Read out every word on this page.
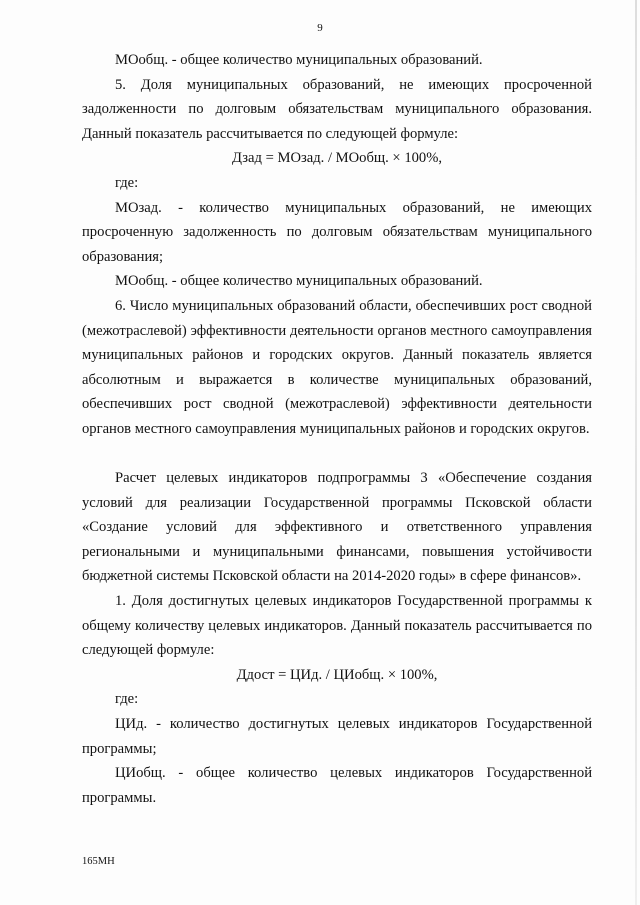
9

МОобщ. - общее количество муниципальных образований.

5. Доля муниципальных образований, не имеющих просроченной задолженности по долговым обязательствам муниципального образования. Данный показатель рассчитывается по следующей формуле:

Дзад = МОзад. / МОобщ. × 100%,

где:

МОзад. - количество муниципальных образований, не имеющих просроченную задолженность по долговым обязательствам муниципального образования;

МОобщ. - общее количество муниципальных образований.

6. Число муниципальных образований области, обеспечивших рост сводной (межотраслевой) эффективности деятельности органов местного самоуправления муниципальных районов и городских округов. Данный показатель является абсолютным и выражается в количестве муниципальных образований, обеспечивших рост сводной (межотраслевой) эффективности деятельности органов местного самоуправления муниципальных районов и городских округов.

Расчет целевых индикаторов подпрограммы 3 «Обеспечение создания условий для реализации Государственной программы Псковской области «Создание условий для эффективного и ответственного управления региональными и муниципальными финансами, повышения устойчивости бюджетной системы Псковской области на 2014-2020 годы» в сфере финансов».

1. Доля достигнутых целевых индикаторов Государственной программы к общему количеству целевых индикаторов. Данный показатель рассчитывается по следующей формуле:

Ддост = ЦИд. / ЦИобщ. × 100%,

где:

ЦИд. - количество достигнутых целевых индикаторов Государственной программы;

ЦИобщ. - общее количество целевых индикаторов Государственной программы.

165МН
